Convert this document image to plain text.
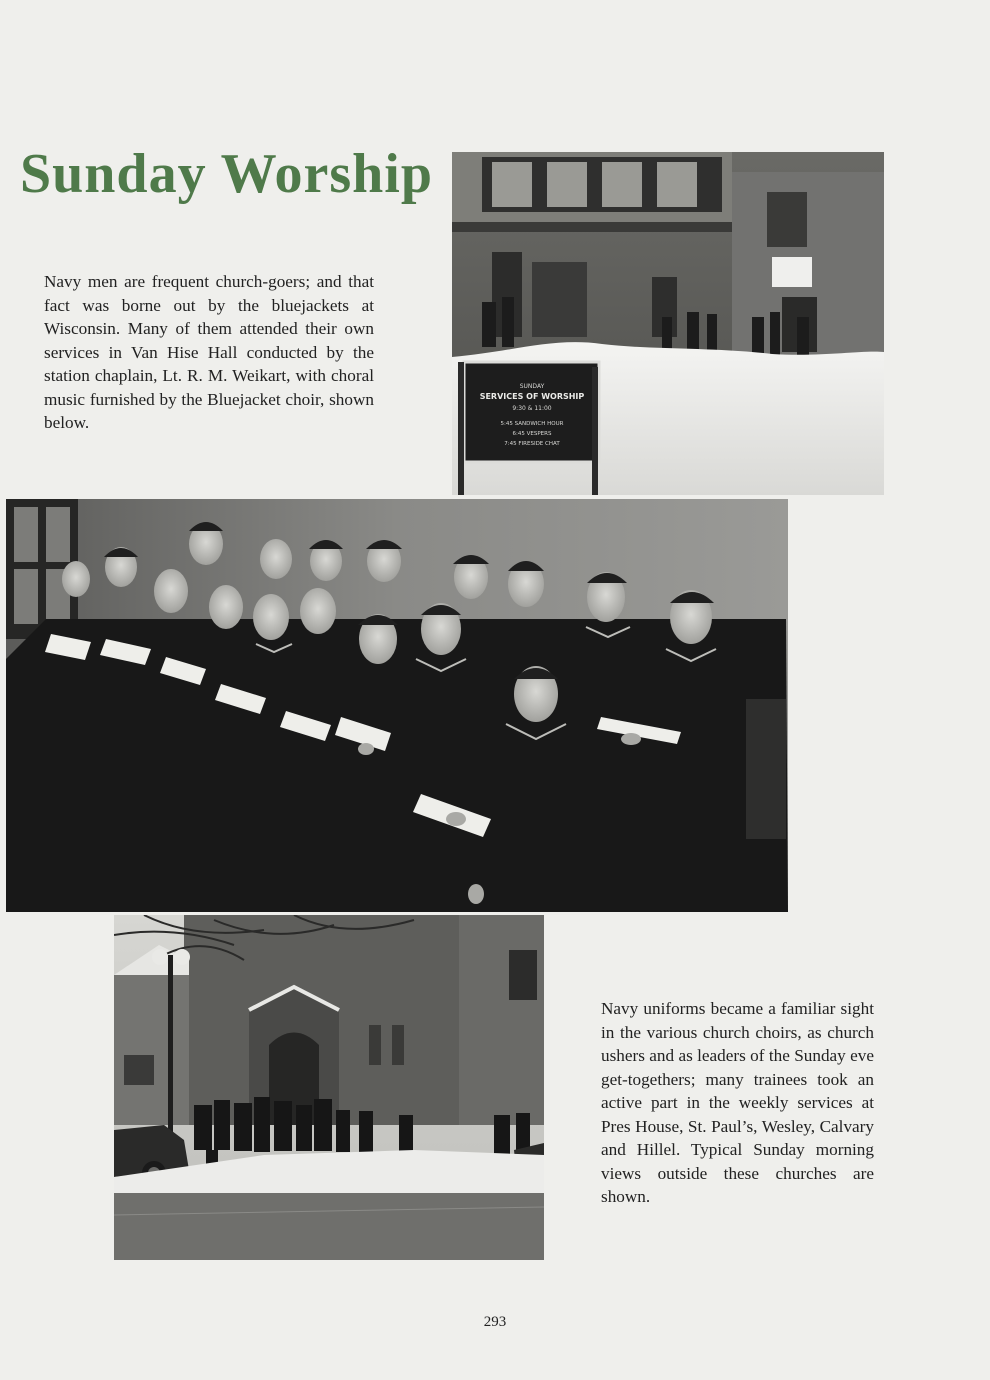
Sunday Worship

Navy men are frequent church-goers; and that fact was borne out by the bluejackets at Wisconsin. Many of them attended their own services in Van Hise Hall conducted by the station chaplain, Lt. R. M. Weikart, with choral music furnished by the Bluejacket choir, shown below.

SUNDAY
SERVICES OF WORSHIP
9:30 & 11:00
5:45 SANDWICH HOUR
6:45 VESPERS
7:45 FIRESIDE CHAT

Navy uniforms became a familiar sight in the various church choirs, as church ushers and as leaders of the Sunday eve get-togethers; many trainees took an active part in the weekly services at Pres House, St. Paul’s, Wesley, Calvary and Hillel. Typical Sunday morning views outside these churches are shown.

293
